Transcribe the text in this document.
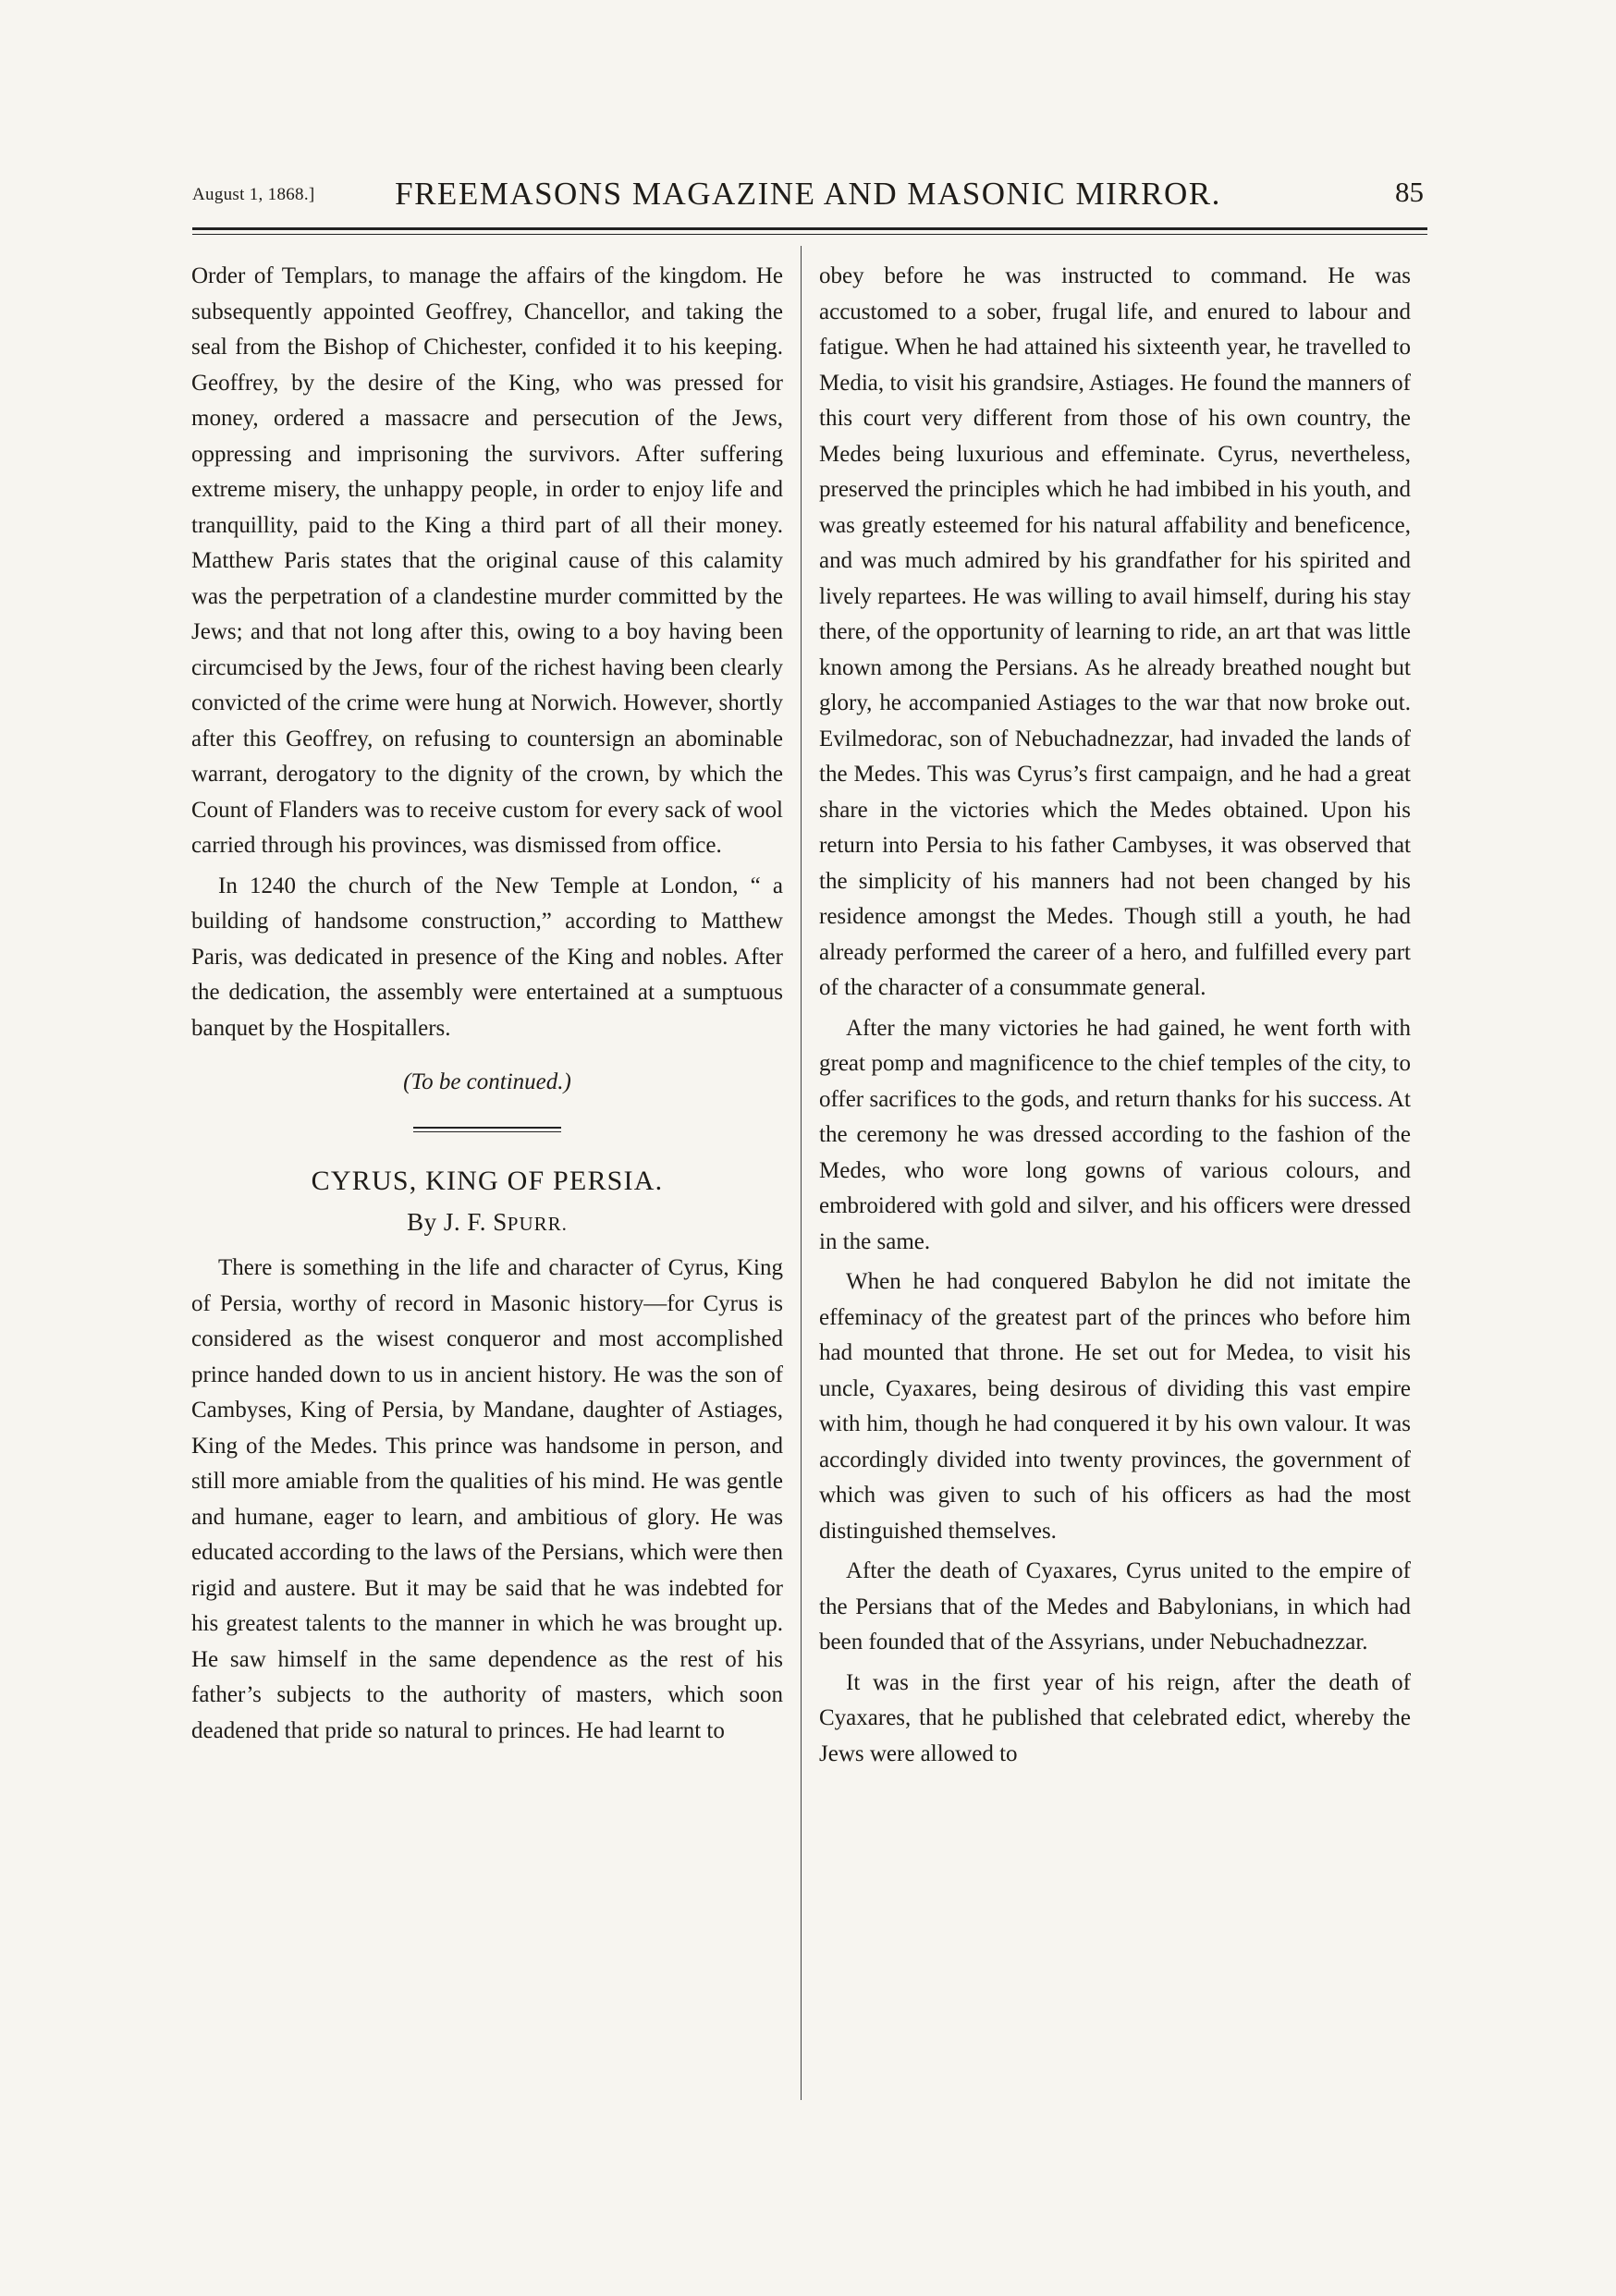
August 1, 1868.]	FREEMASONS MAGAZINE AND MASONIC MIRROR.	85

Order of Templars, to manage the affairs of the kingdom. He subsequently appointed Geoffrey, Chancellor, and taking the seal from the Bishop of Chichester, confided it to his keeping. Geoffrey, by the desire of the King, who was pressed for money, ordered a massacre and persecution of the Jews, oppressing and imprisoning the survivors. After suffering extreme misery, the unhappy people, in order to enjoy life and tranquillity, paid to the King a third part of all their money. Matthew Paris states that the original cause of this calamity was the perpetration of a clandestine murder committed by the Jews; and that not long after this, owing to a boy having been circumcised by the Jews, four of the richest having been clearly convicted of the crime were hung at Norwich. However, shortly after this Geoffrey, on refusing to countersign an abominable warrant, derogatory to the dignity of the crown, by which the Count of Flanders was to receive custom for every sack of wool carried through his provinces, was dismissed from office.

In 1240 the church of the New Temple at London, “ a building of handsome construction,” according to Matthew Paris, was dedicated in presence of the King and nobles. After the dedication, the assembly were entertained at a sumptuous banquet by the Hospitallers.

(To be continued.)

CYRUS, KING OF PERSIA.

By J. F. SPURR.

There is something in the life and character of Cyrus, King of Persia, worthy of record in Masonic history—for Cyrus is considered as the wisest conqueror and most accomplished prince handed down to us in ancient history. He was the son of Cambyses, King of Persia, by Mandane, daughter of Astiages, King of the Medes. This prince was handsome in person, and still more amiable from the qualities of his mind. He was gentle and humane, eager to learn, and ambitious of glory. He was educated according to the laws of the Persians, which were then rigid and austere. But it may be said that he was indebted for his greatest talents to the manner in which he was brought up. He saw himself in the same dependence as the rest of his father’s subjects to the authority of masters, which soon deadened that pride so natural to princes. He had learnt to

obey before he was instructed to command. He was accustomed to a sober, frugal life, and enured to labour and fatigue. When he had attained his sixteenth year, he travelled to Media, to visit his grandsire, Astiages. He found the manners of this court very different from those of his own country, the Medes being luxurious and effeminate. Cyrus, nevertheless, preserved the principles which he had imbibed in his youth, and was greatly esteemed for his natural affability and beneficence, and was much admired by his grandfather for his spirited and lively repartees. He was willing to avail himself, during his stay there, of the opportunity of learning to ride, an art that was little known among the Persians. As he already breathed nought but glory, he accompanied Astiages to the war that now broke out. Evilmedorac, son of Nebuchadnezzar, had invaded the lands of the Medes. This was Cyrus’s first campaign, and he had a great share in the victories which the Medes obtained. Upon his return into Persia to his father Cambyses, it was observed that the simplicity of his manners had not been changed by his residence amongst the Medes. Though still a youth, he had already performed the career of a hero, and fulfilled every part of the character of a consummate general.

After the many victories he had gained, he went forth with great pomp and magnificence to the chief temples of the city, to offer sacrifices to the gods, and return thanks for his success. At the ceremony he was dressed according to the fashion of the Medes, who wore long gowns of various colours, and embroidered with gold and silver, and his officers were dressed in the same.

When he had conquered Babylon he did not imitate the effeminacy of the greatest part of the princes who before him had mounted that throne. He set out for Medea, to visit his uncle, Cyaxares, being desirous of dividing this vast empire with him, though he had conquered it by his own valour. It was accordingly divided into twenty provinces, the government of which was given to such of his officers as had the most distinguished themselves.

After the death of Cyaxares, Cyrus united to the empire of the Persians that of the Medes and Babylonians, in which had been founded that of the Assyrians, under Nebuchadnezzar.

It was in the first year of his reign, after the death of Cyaxares, that he published that celebrated edict, whereby the Jews were allowed to
